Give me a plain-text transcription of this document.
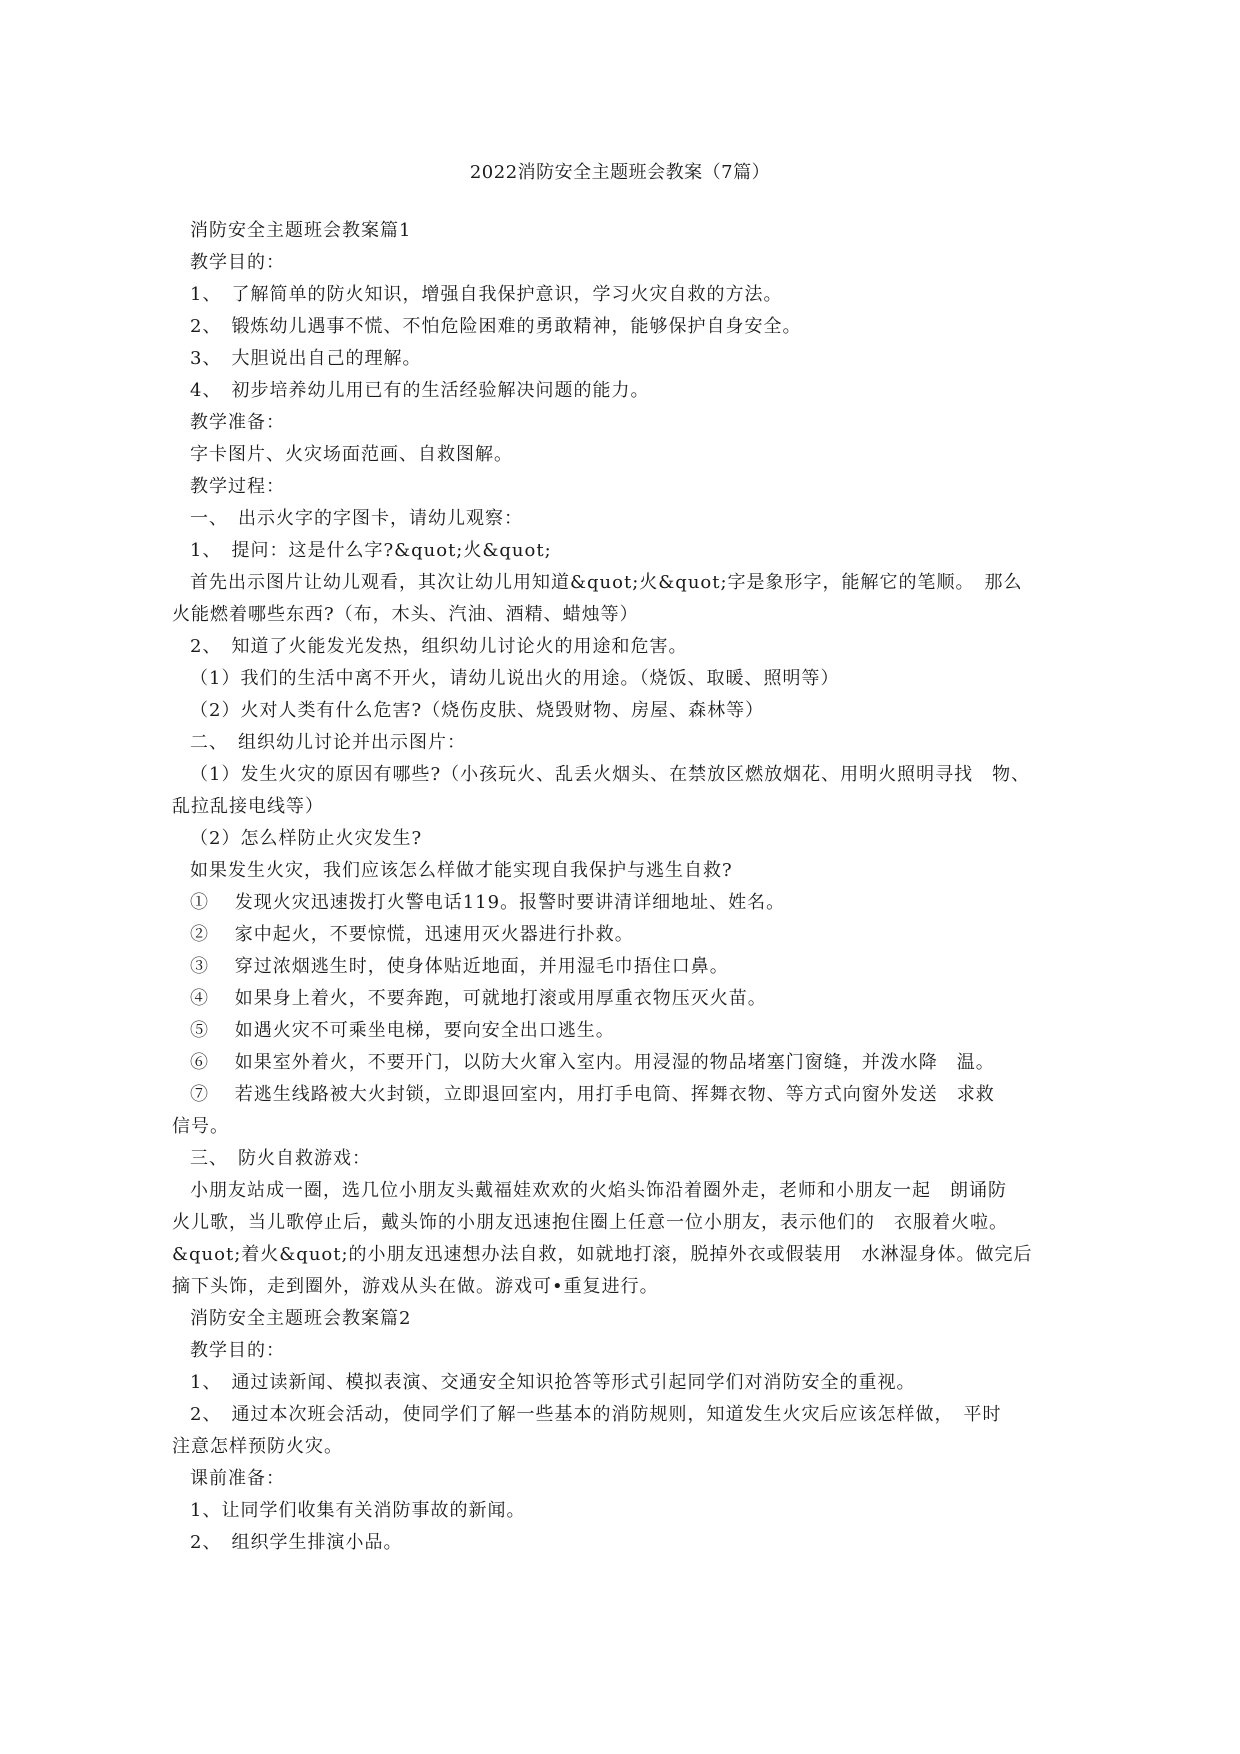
2022消防安全主题班会教案（7篇）
消防安全主题班会教案篇1
教学目的：
1、　了解简单的防火知识，增强自我保护意识，学习火灾自救的方法。
2、　锻炼幼儿遇事不慌、不怕危险困难的勇敢精神，能够保护自身安全。
3、　大胆说出自己的理解。
4、　初步培养幼儿用已有的生活经验解决问题的能力。
教学准备：
字卡图片、火灾场面范画、自救图解。
教学过程：
一、　出示火字的字图卡，请幼儿观察：
1、　提问：这是什么字?&quot;火&quot;
首先出示图片让幼儿观看，其次让幼儿用知道&quot;火&quot;字是象形字，能解它的笔顺。　那么
火能燃着哪些东西?（布，木头、汽油、酒精、蜡烛等）
2、　知道了火能发光发热，组织幼儿讨论火的用途和危害。
（1）我们的生活中离不开火，请幼儿说出火的用途。（烧饭、取暖、照明等）
（2）火对人类有什么危害?（烧伤皮肤、烧毁财物、房屋、森林等）
二、　组织幼儿讨论并出示图片：
（1）发生火灾的原因有哪些?（小孩玩火、乱丢火烟头、在禁放区燃放烟花、用明火照明寻找　物、
乱拉乱接电线等）
（2）怎么样防止火灾发生?
如果发生火灾，我们应该怎么样做才能实现自我保护与逃生自救?
①　 发现火灾迅速拨打火警电话119。报警时要讲清详细地址、姓名。
②　 家中起火，不要惊慌，迅速用灭火器进行扑救。
③　 穿过浓烟逃生时，使身体贴近地面，并用湿毛巾捂住口鼻。
④　 如果身上着火，不要奔跑，可就地打滚或用厚重衣物压灭火苗。
⑤　 如遇火灾不可乘坐电梯，要向安全出口逃生。
⑥　 如果室外着火，不要开门，以防大火窜入室内。用浸湿的物品堵塞门窗缝，并泼水降　温。
⑦　 若逃生线路被大火封锁，立即退回室内，用打手电筒、挥舞衣物、等方式向窗外发送　求救
信号。
三、　防火自救游戏：
小朋友站成一圈，选几位小朋友头戴福娃欢欢的火焰头饰沿着圈外走，老师和小朋友一起　朗诵防
火儿歌，当儿歌停止后，戴头饰的小朋友迅速抱住圈上任意一位小朋友，表示他们的　衣服着火啦。
&quot;着火&quot;的小朋友迅速想办法自救，如就地打滚，脱掉外衣或假装用　水淋湿身体。做完后
摘下头饰，走到圈外，游戏从头在做。游戏可•重复进行。
消防安全主题班会教案篇2
教学目的：
1、　通过读新闻、模拟表演、交通安全知识抢答等形式引起同学们对消防安全的重视。
2、　通过本次班会活动，使同学们了解一些基本的消防规则，知道发生火灾后应该怎样做，　平时
注意怎样预防火灾。
课前准备：
1、让同学们收集有关消防事故的新闻。
2、　组织学生排演小品。
